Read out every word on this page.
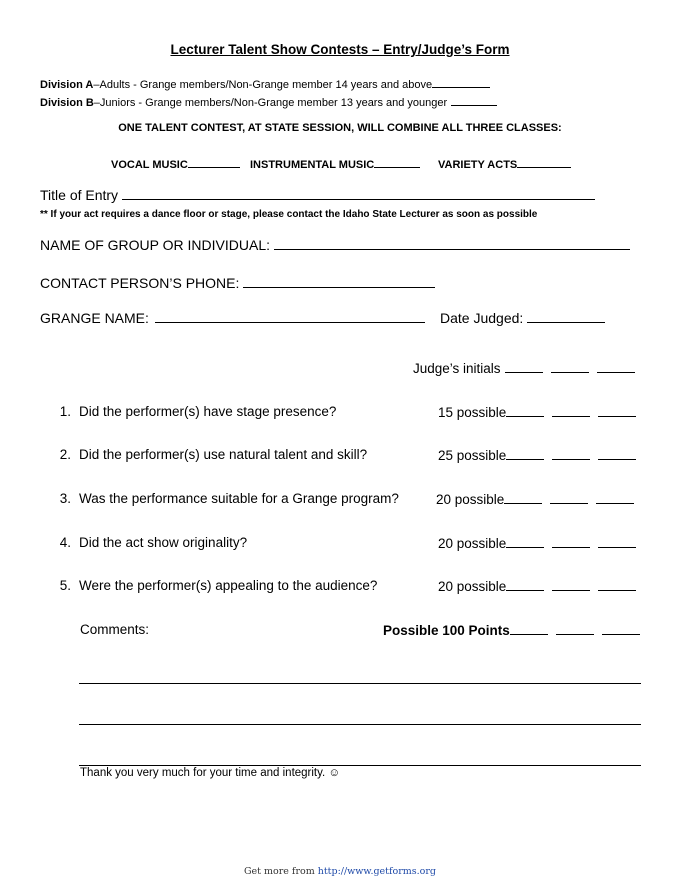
Lecturer Talent Show Contests – Entry/Judge’s Form
Division A–Adults - Grange members/Non-Grange member 14 years and above
Division B–Juniors - Grange members/Non-Grange member 13 years and younger
ONE TALENT CONTEST, AT STATE SESSION, WILL COMBINE ALL THREE CLASSES:
VOCAL MUSIC	INSTRUMENTAL MUSIC	VARIETY ACTS
Title of Entry
** If your act requires a dance floor or stage, please contact the Idaho State Lecturer as soon as possible
NAME OF GROUP OR INDIVIDUAL:
CONTACT PERSON’S PHONE:
GRANGE NAME:	Date Judged:
Judge’s initials
1. Did the performer(s) have stage presence?	15 possible
2. Did the performer(s) use natural talent and skill?	25 possible
3. Was the performance suitable for a Grange program?	20 possible
4. Did the act show originality?	20 possible
5. Were the performer(s) appealing to the audience?	20 possible
Comments:	Possible 100 Points
Thank you very much for your time and integrity. ☺
Get more from http://www.getforms.org
